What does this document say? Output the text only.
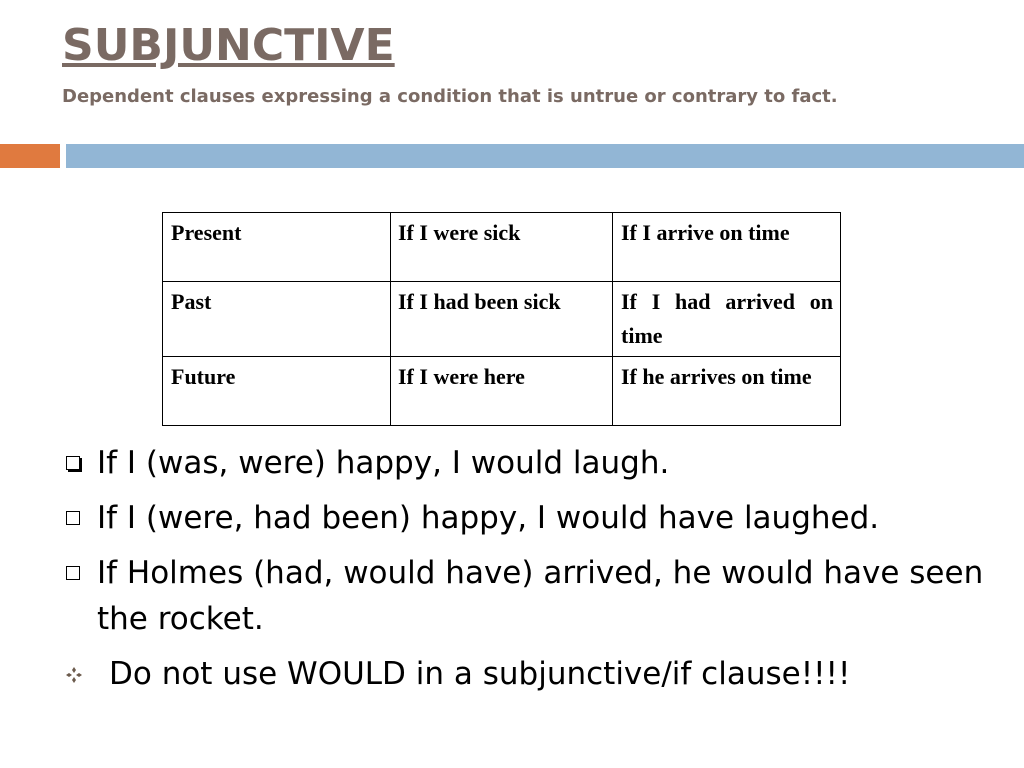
SUBJUNCTIVE

Dependent clauses expressing a condition that is untrue or contrary to fact.

Present	If I were sick	If I arrive on time
Past	If I had been sick	If I had arrived on time
Future	If I were here	If he arrives on time
If I (was, were) happy, I would laugh.
If I (were, had been) happy, I would have laughed.
If Holmes (had, would have) arrived, he would have seen the rocket.
Do not use WOULD in a subjunctive/if clause!!!!
